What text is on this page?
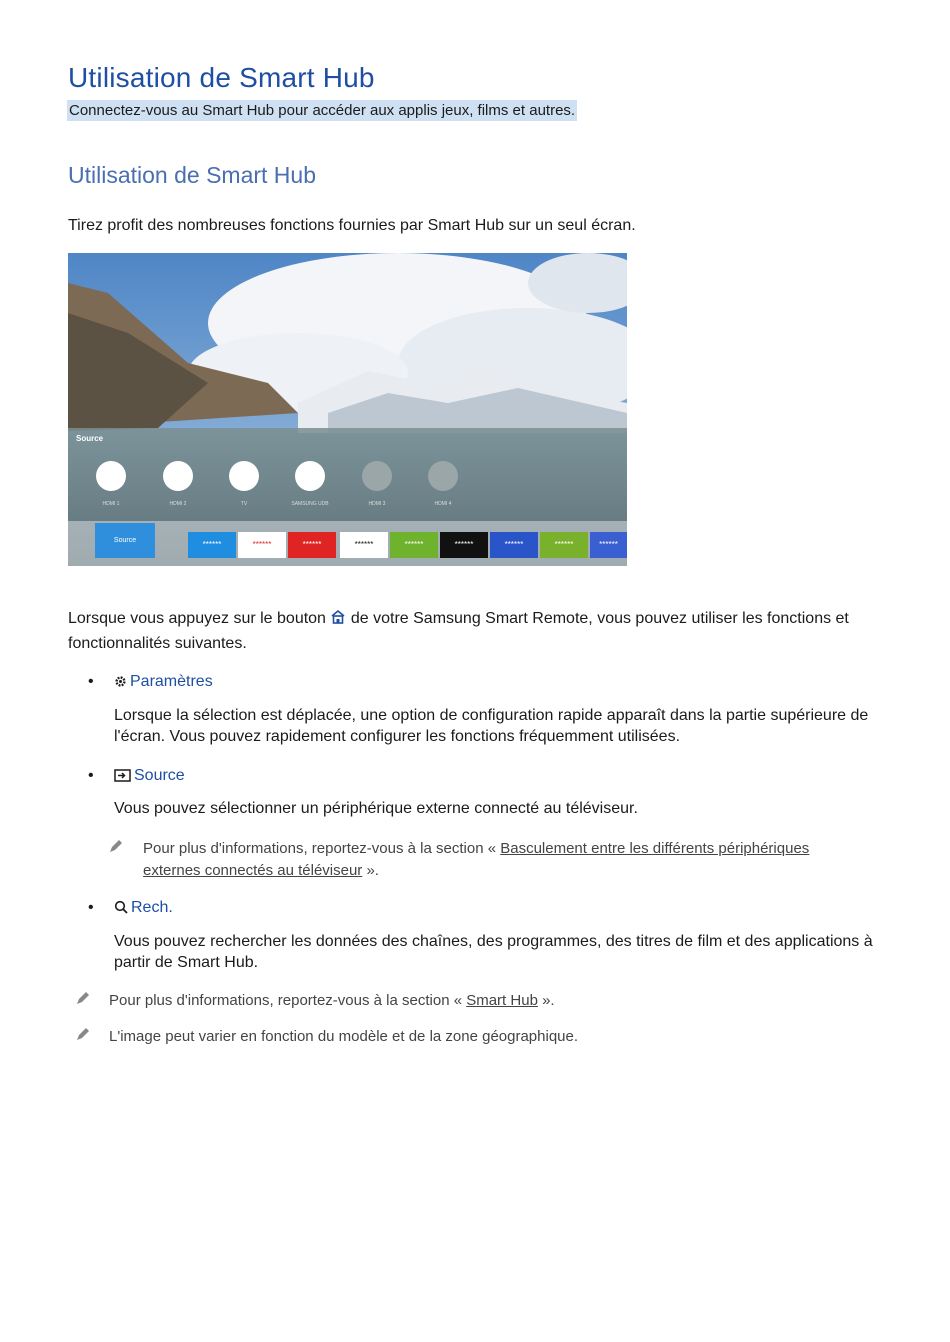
Utilisation de Smart Hub
Connectez-vous au Smart Hub pour accéder aux applis jeux, films et autres.
Utilisation de Smart Hub
Tirez profit des nombreuses fonctions fournies par Smart Hub sur un seul écran.
Source
HDMI 1	HDMI 2	TV	SAMSUNG UDB	HDMI 3	HDMI 4
Source	******	******	******	******	******	******	******	******	******
Lorsque vous appuyez sur le bouton de votre Samsung Smart Remote, vous pouvez utiliser les fonctions et fonctionnalités suivantes.
•	Paramètres
Lorsque la sélection est déplacée, une option de configuration rapide apparaît dans la partie supérieure de l'écran. Vous pouvez rapidement configurer les fonctions fréquemment utilisées.
•	Source
Vous pouvez sélectionner un périphérique externe connecté au téléviseur.
Pour plus d'informations, reportez-vous à la section « Basculement entre les différents périphériques externes connectés au téléviseur ».
•	Rech.
Vous pouvez rechercher les données des chaînes, des programmes, des titres de film et des applications à partir de Smart Hub.
Pour plus d'informations, reportez-vous à la section « Smart Hub ».
L'image peut varier en fonction du modèle et de la zone géographique.
